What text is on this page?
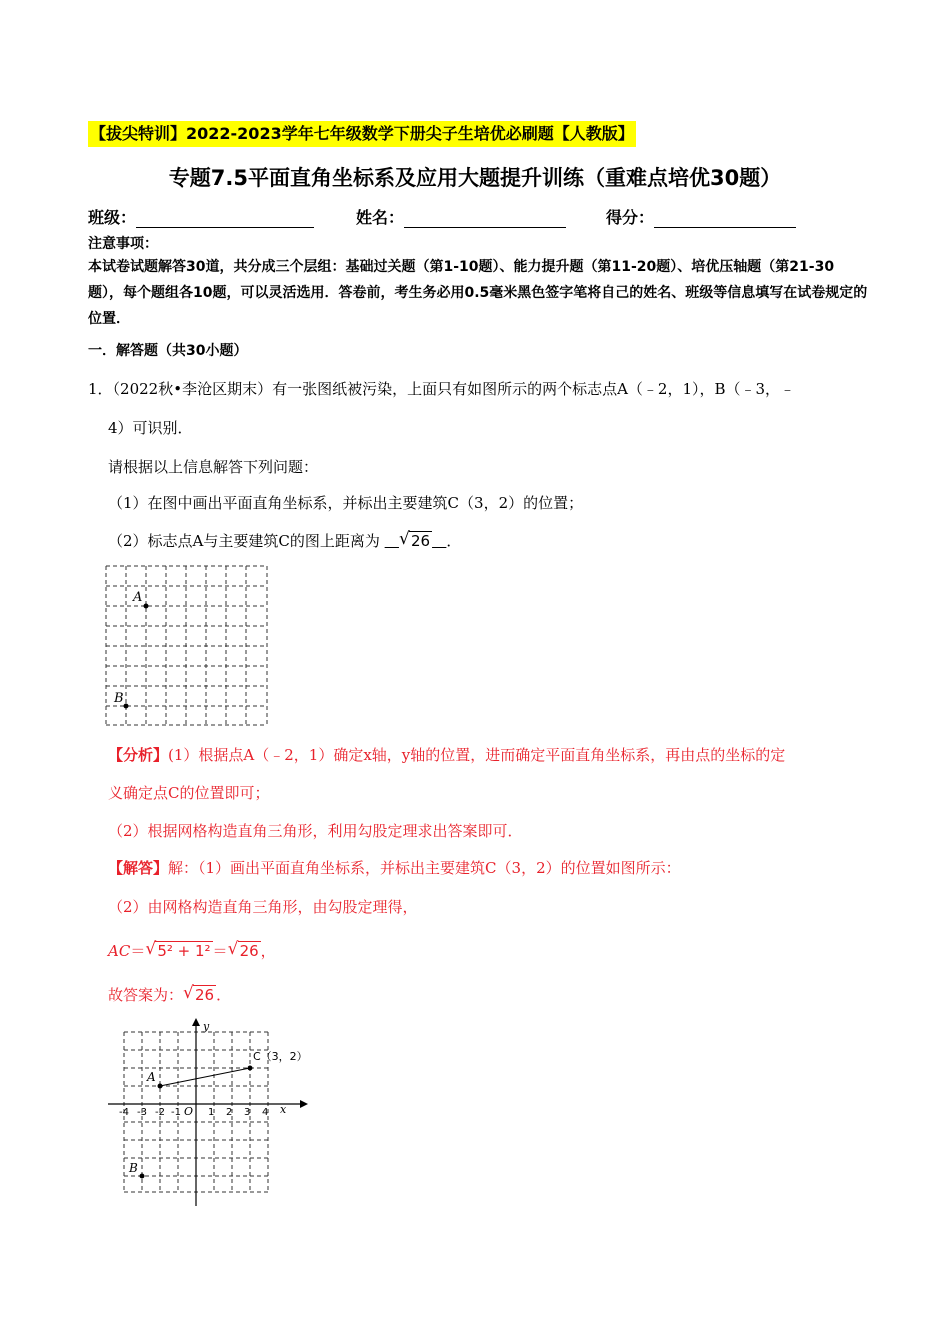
【拔尖特训】2022-2023学年七年级数学下册尖子生培优必刷题【人教版】
专题7.5平面直角坐标系及应用大题提升训练（重难点培优30题）
班级：	姓名：	得分：
注意事项：
本试卷试题解答30道，共分成三个层组：基础过关题（第1-10题）、能力提升题（第11-20题）、培优压轴题（第21-30题），每个题组各10题，可以灵活选用．答卷前，考生务必用0.5毫米黑色签字笔将自己的姓名、班级等信息填写在试卷规定的位置．
一．解答题（共30小题）
1．（2022秋•李沧区期末）有一张图纸被污染，上面只有如图所示的两个标志点A（﹣2，1），B（﹣3，﹣
4）可识别．
请根据以上信息解答下列问题：
（1）在图中画出平面直角坐标系，并标出主要建筑C（3，2）的位置；
（2）标志点A与主要建筑C的图上距离为 √ 26 ．
A
B
【分析】(1）根据点A（﹣2，1）确定x轴，y轴的位置，进而确定平面直角坐标系，再由点的坐标的定
义确定点C的位置即可；
（2）根据网格构造直角三角形，利用勾股定理求出答案即可．
【解答】解：（1）画出平面直角坐标系，并标出主要建筑C（3，2）的位置如图所示：
（2）由网格构造直角三角形，由勾股定理得，
AC＝ √ 5² + 1² ＝ √ 26 ，
故答案为： √ 26 ．
y
x
O
A
B
C（3，2）
-4 -3 -2 -1	1 2 3 4
